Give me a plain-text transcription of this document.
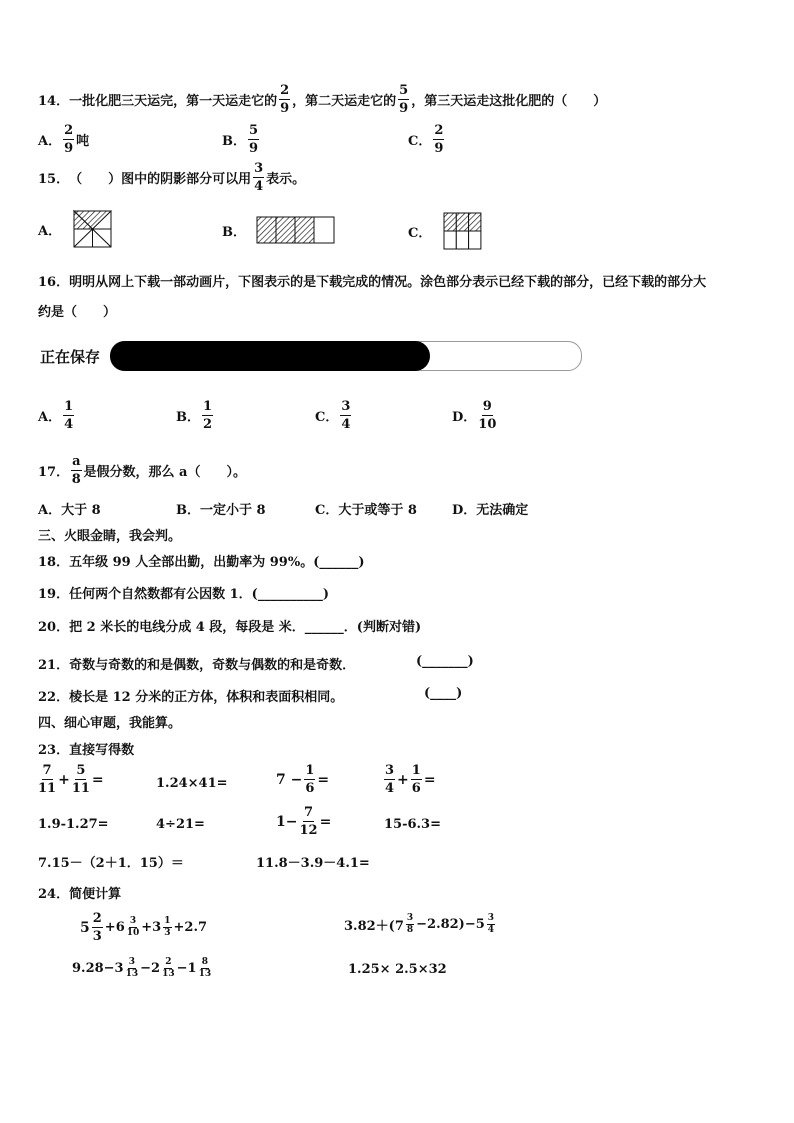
14． 一批化肥三天运完，第一天运走它的 $\frac{2}{9}$ ，第二天运走它的 $\frac{5}{9}$ ，第三天运走这批化肥的（　　）
A． $\frac{2}{9}$ 吨	B． $\frac{5}{9}$	C． $\frac{2}{9}$
15． （　　）图中的阴影部分可以用 $\frac{3}{4}$ 表示。
A．	B．	C．
16．明明从网上下载一部动画片，下图表示的是下载完成的情况。涂色部分表示已经下载的部分，已经下载的部分大
约是（　　）
正在保存
A． $\frac{1}{4}$	B． $\frac{1}{2}$	C． $\frac{3}{4}$	D． $\frac{9}{10}$
17． $\frac{a}{8}$ 是假分数，那么 a（　　）。
A．大于 8	B．一定小于 8	C．大于或等于 8	D．无法确定
三、火眼金睛，我会判。
18．五年级 99 人全部出勤，出勤率为 99%。(______)
19．任何两个自然数都有公因数 1．(__________)
20．把 2 米长的电线分成 4 段，每段是 米．______．(判断对错)
21．奇数与奇数的和是偶数，奇数与偶数的和是奇数．	(_______)
22．棱长是 12 分米的正方体，体积和表面积相同。	(____)
四、细心审题，我能算。
23．直接写得数
$\frac{7}{11} + \frac{5}{11}$ =	1.24×41=	$7 - \frac{1}{6}$ =	$\frac{3}{4} + \frac{1}{6}$ =
1.9-1.27=	4÷21=	$1- \frac{7}{12}$ =	15-6.3=
7.15－（2＋1．15）＝	11.8－3.9－4.1=
24．简便计算
$5 \frac{2}{3} +6 \frac{3}{10} +3 \frac{1}{3} +2.7$	$3.82+(7 \frac{3}{8} -2.82)-5 \frac{3}{4}$
$9.28-3 \frac{3}{13} -2 \frac{2}{13} -1 \frac{8}{13}$	1.25× 2.5×32
